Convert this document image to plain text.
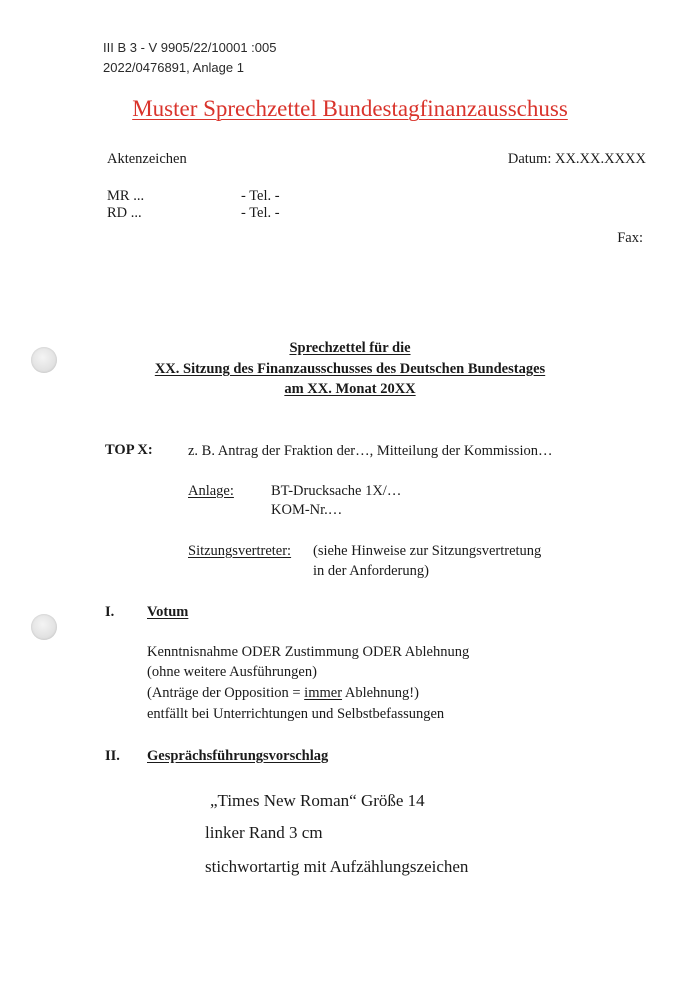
III B 3 - V 9905/22/10001 :005
2022/0476891, Anlage 1
Muster Sprechzettel Bundestagfinanzausschuss
Aktenzeichen	Datum: XX.XX.XXXX
MR ...	- Tel. -
RD ...	- Tel. -
Fax:
Sprechzettel für die
XX. Sitzung des Finanzausschusses des Deutschen Bundestages
am XX. Monat 20XX
TOP X: z. B. Antrag der Fraktion der…, Mitteilung der Kommission…
Anlage:	BT-Drucksache 1X/…
KOM-Nr.…
Sitzungsvertreter: (siehe Hinweise zur Sitzungsvertretung
in der Anforderung)
I. Votum
Kenntnisnahme ODER Zustimmung ODER Ablehnung
(ohne weitere Ausführungen)
(Anträge der Opposition = immer Ablehnung!)
entfällt bei Unterrichtungen und Selbstbefassungen
II. Gesprächsführungsvorschlag
„Times New Roman“ Größe 14
linker Rand 3 cm
stichwortartig mit Aufzählungszeichen
